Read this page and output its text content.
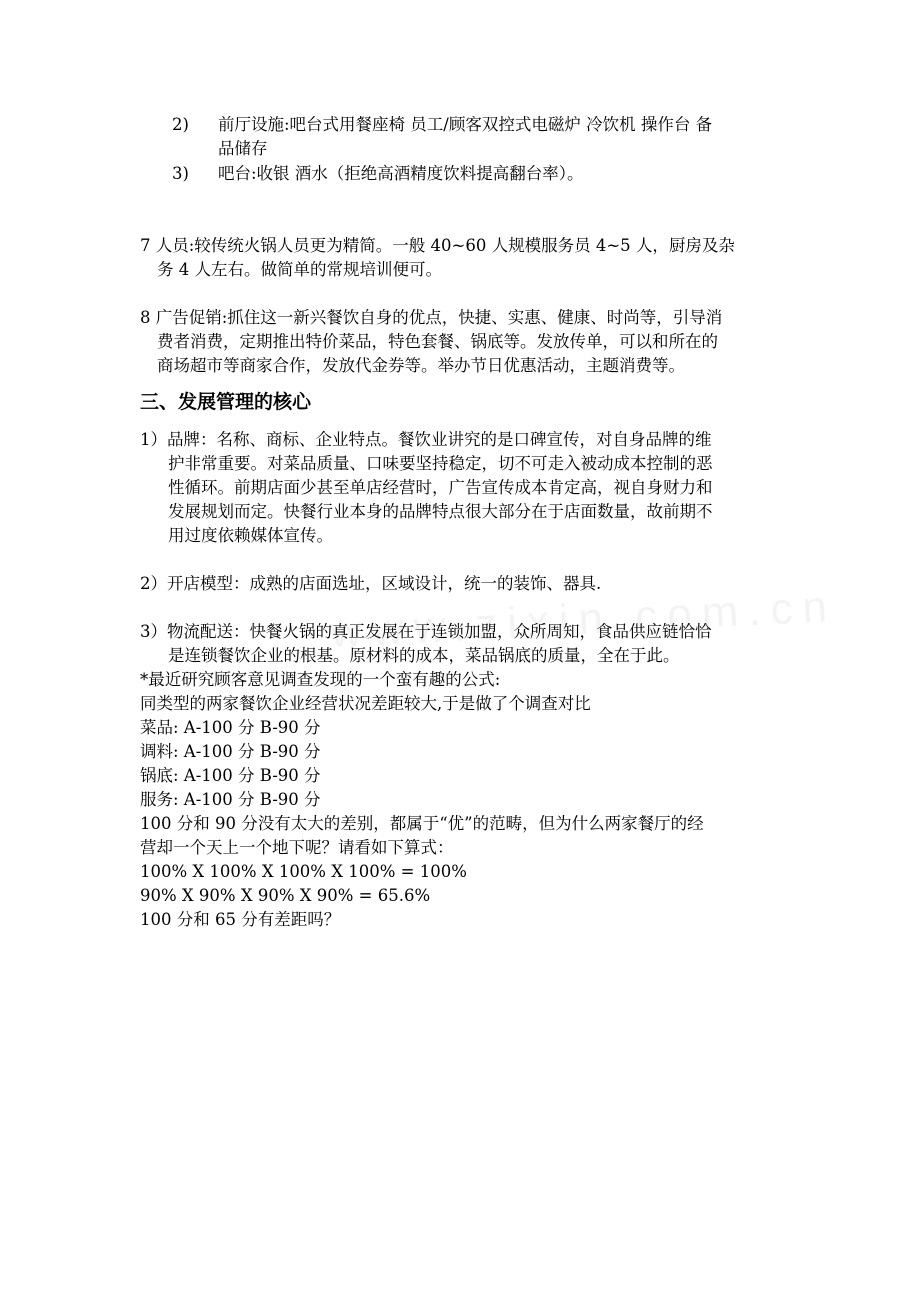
2) 前厅设施:吧台式用餐座椅 员工/顾客双控式电磁炉 冷饮机 操作台 备
品储存
3) 吧台:收银 酒水（拒绝高酒精度饮料提高翻台率）。
7 人员:较传统火锅人员更为精简。一般 40~60 人规模服务员 4~5 人，厨房及杂
务 4 人左右。做简单的常规培训便可。
8 广告促销:抓住这一新兴餐饮自身的优点，快捷、实惠、健康、时尚等，引导消
费者消费，定期推出特价菜品，特色套餐、锅底等。发放传单，可以和所在的
商场超市等商家合作，发放代金券等。举办节日优惠活动，主题消费等。
三、发展管理的核心
1）品牌：名称、商标、企业特点。餐饮业讲究的是口碑宣传，对自身品牌的维
护非常重要。对菜品质量、口味要坚持稳定，切不可走入被动成本控制的恶
性循环。前期店面少甚至单店经营时，广告宣传成本肯定高，视自身财力和
发展规划而定。快餐行业本身的品牌特点很大部分在于店面数量，故前期不
用过度依赖媒体宣传。
2）开店模型：成熟的店面选址，区域设计，统一的装饰、器具.
3）物流配送：快餐火锅的真正发展在于连锁加盟，众所周知，食品供应链恰恰
是连锁餐饮企业的根基。原材料的成本，菜品锅底的质量，全在于此。
*最近研究顾客意见调查发现的一个蛮有趣的公式:
同类型的两家餐饮企业经营状况差距较大,于是做了个调查对比
菜品: A-100 分 B-90 分
调料: A-100 分 B-90 分
锅底: A-100 分 B-90 分
服务: A-100 分 B-90 分
100 分和 90 分没有太大的差别，都属于“优”的范畴，但为什么两家餐厅的经
营却一个天上一个地下呢？请看如下算式：
100% X 100% X 100% X 100% = 100%
90% X 90% X 90% X 90% = 65.6%
100 分和 65 分有差距吗？
